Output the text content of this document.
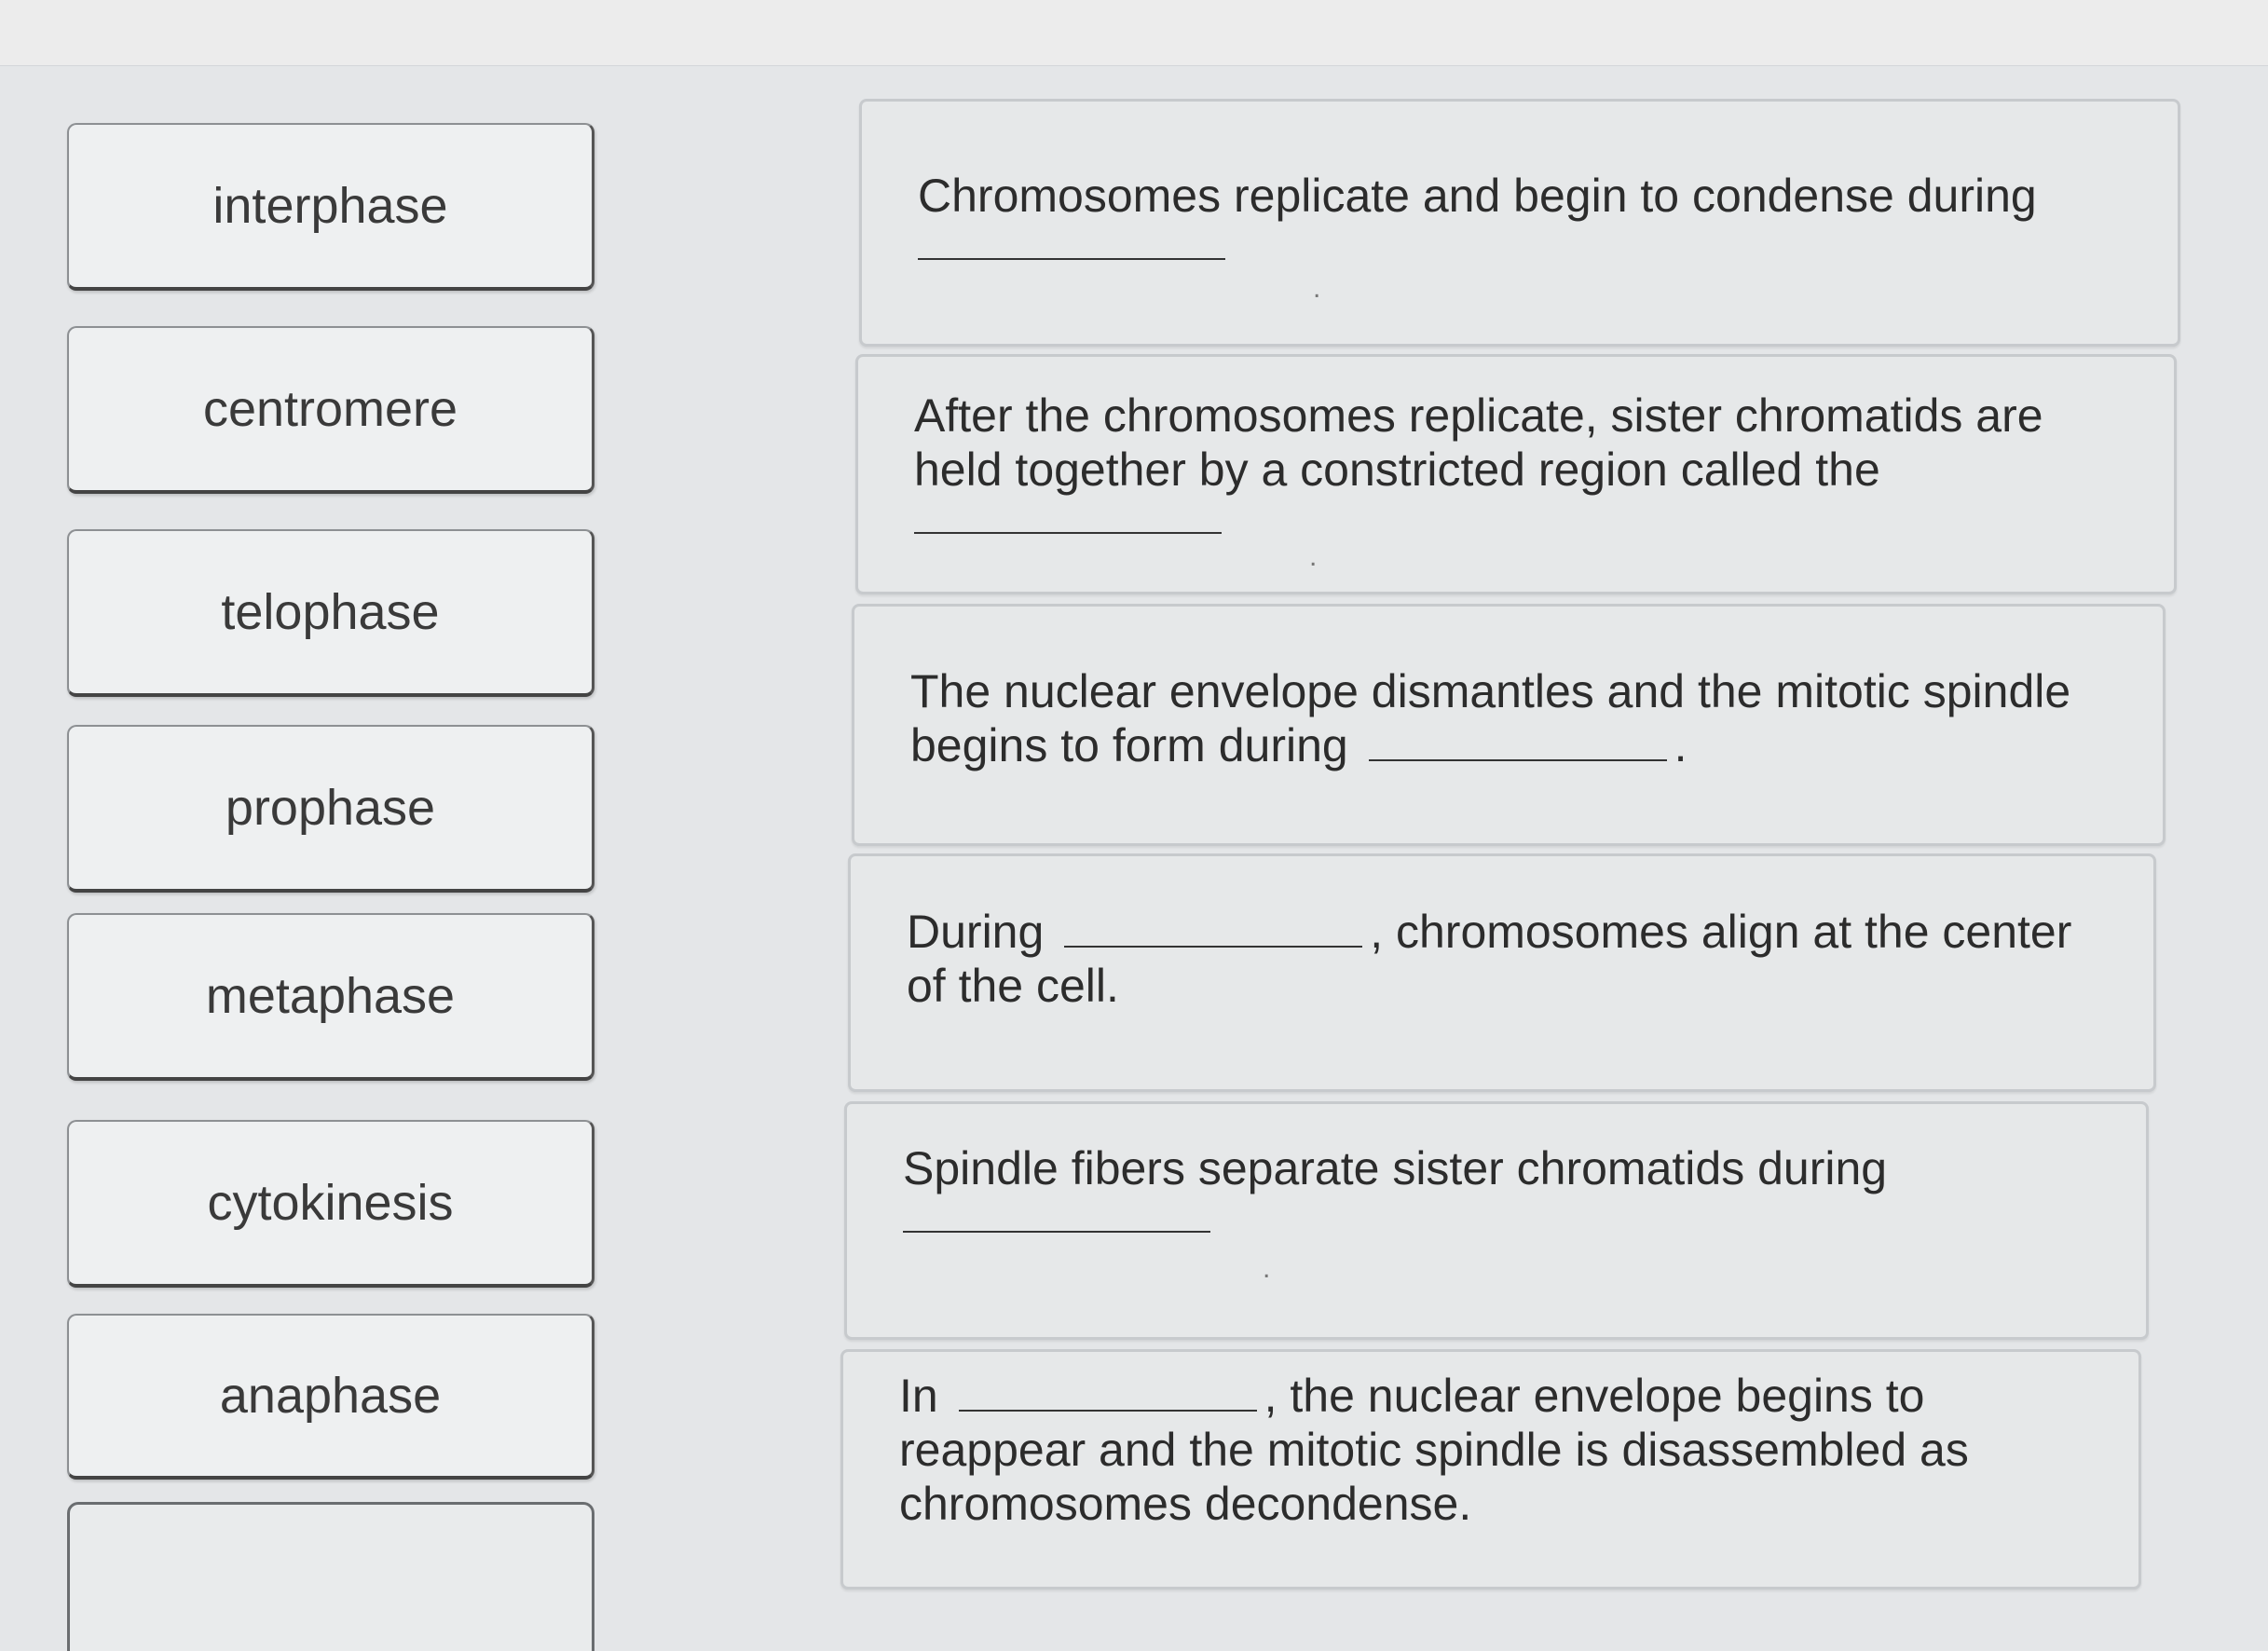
interphase
centromere
telophase
prophase
metaphase
cytokinesis
anaphase
Chromosomes replicate and begin to condense during
.
After the chromosomes replicate, sister chromatids are held together by a constricted region called the
.
The nuclear envelope dismantles and the mitotic spindle begins to form during	.
During	, chromosomes align at the center of the cell.
Spindle fibers separate sister chromatids during
.
In	, the nuclear envelope begins to reappear and the mitotic spindle is disassembled as chromosomes decondense.
